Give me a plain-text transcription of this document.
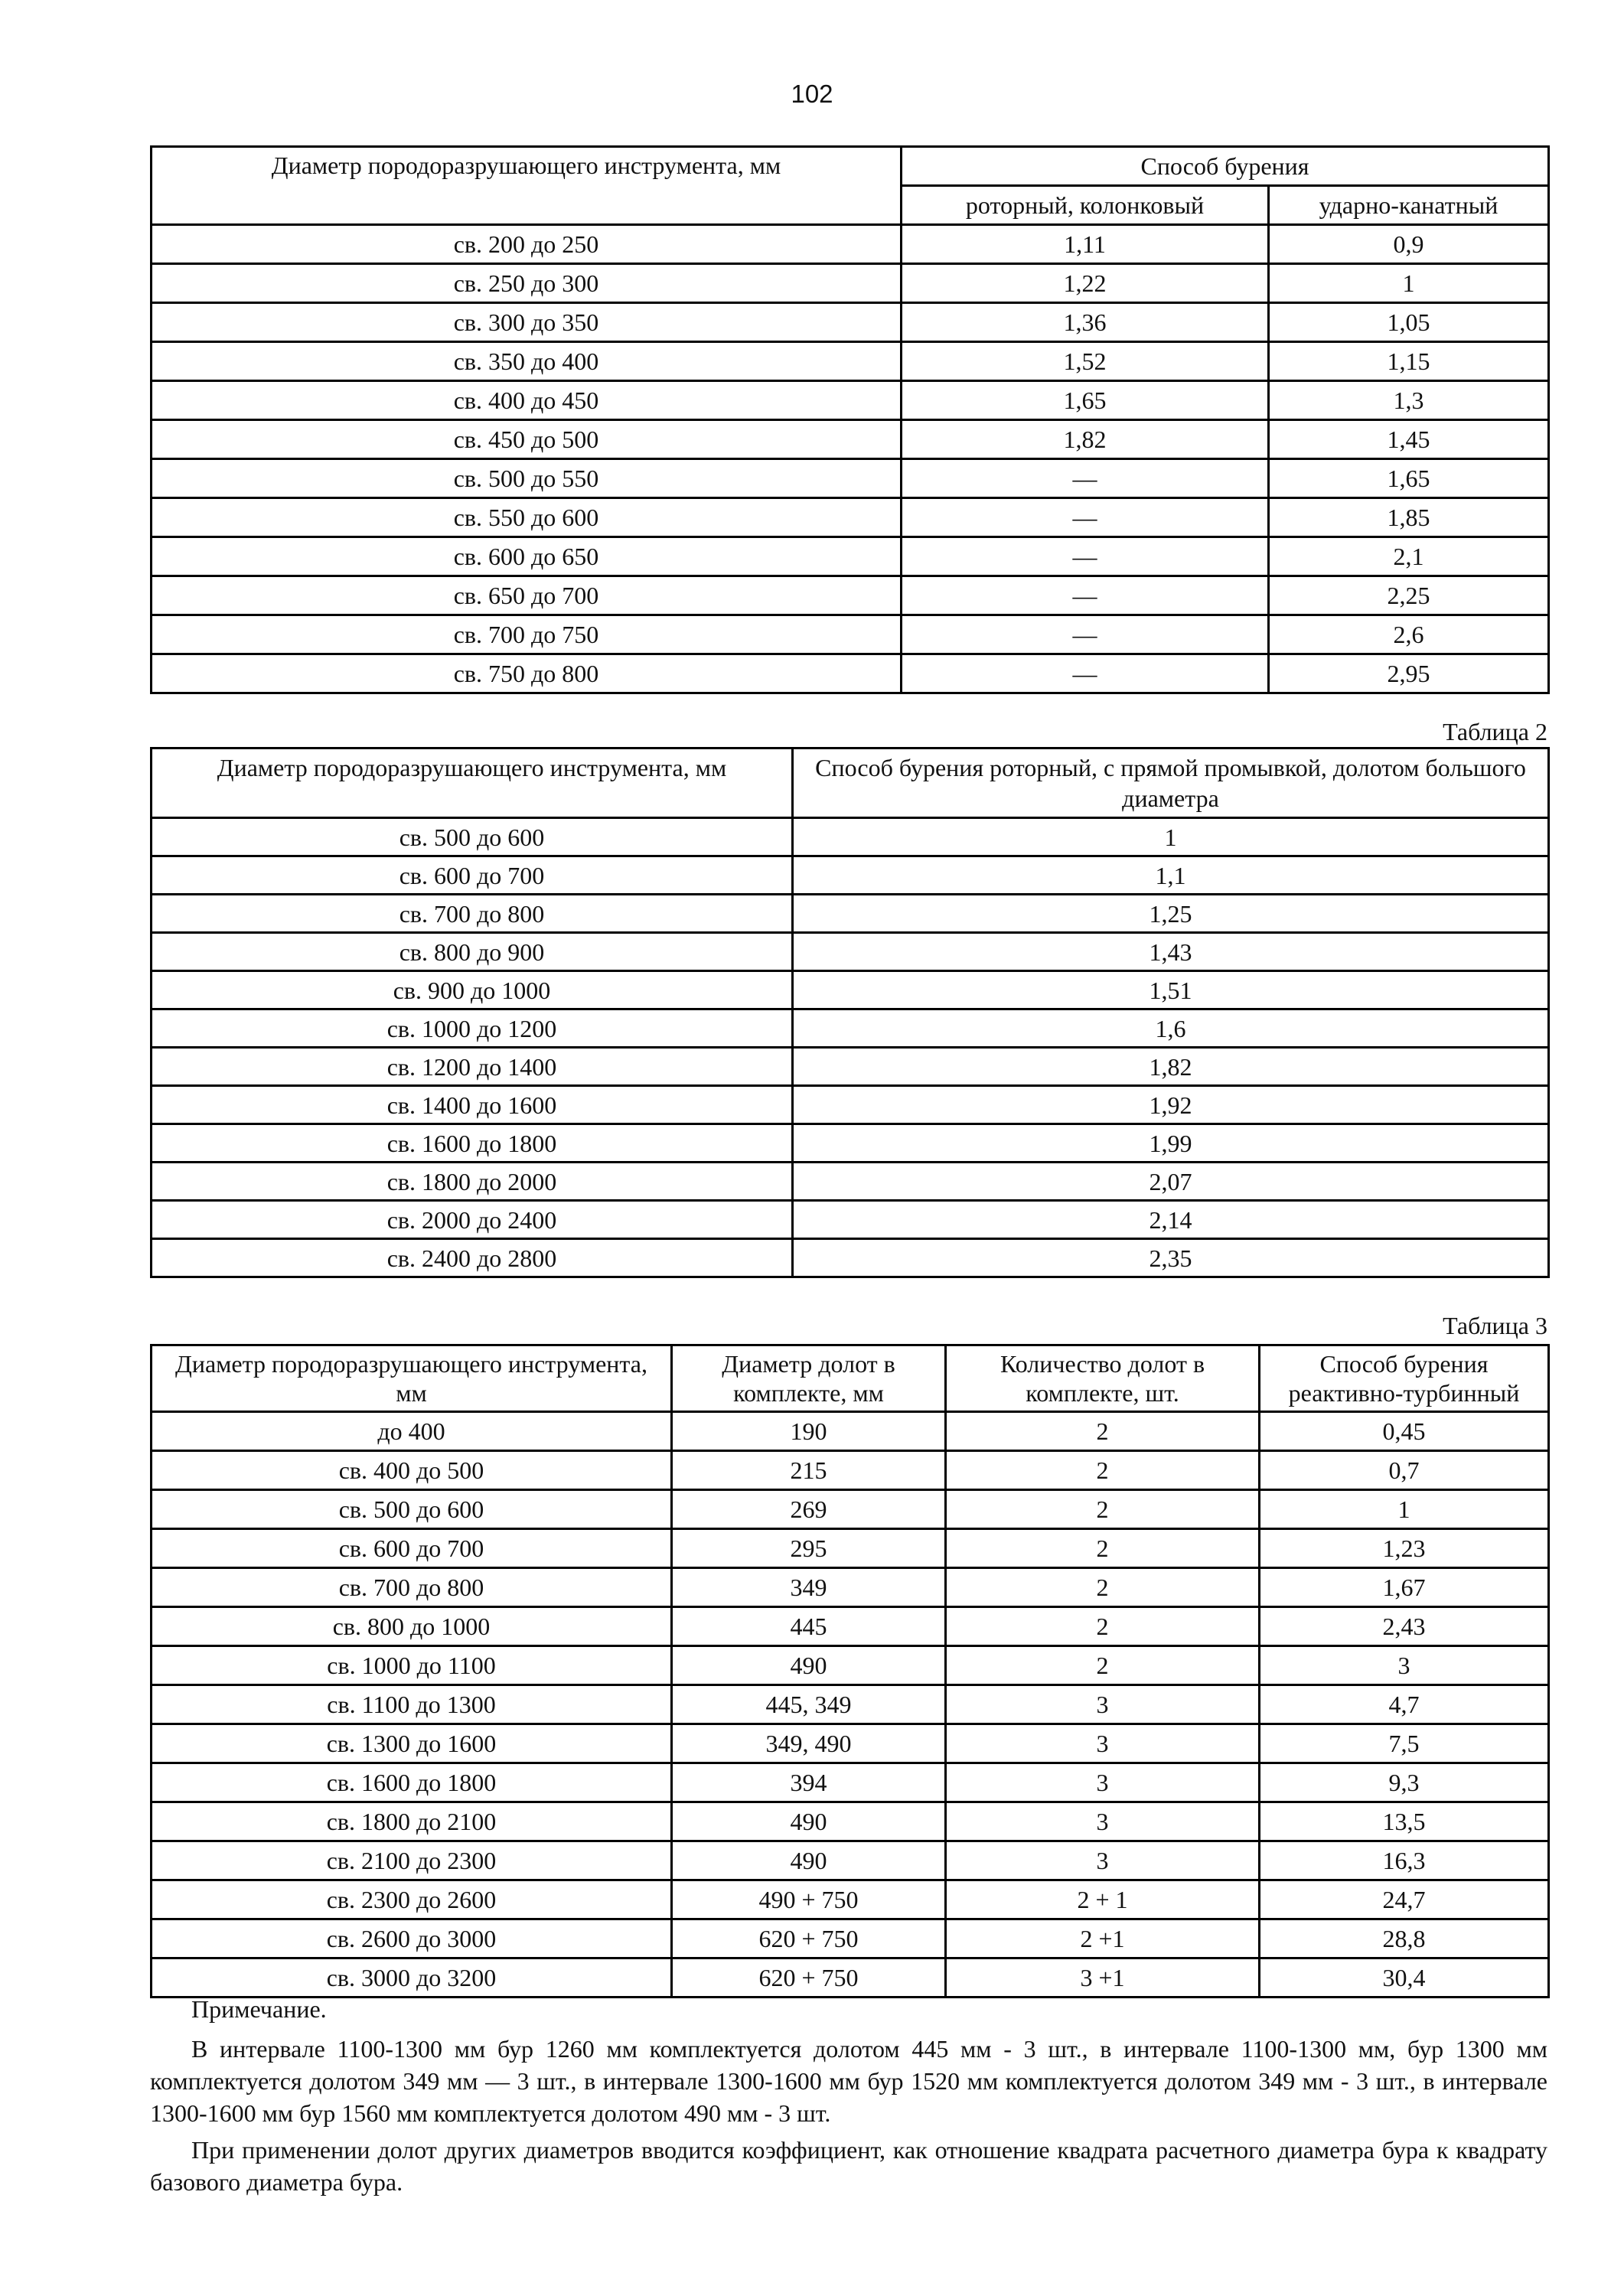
102
Диаметр породоразрушающего инструмента, мм	Способ бурения	
	роторный, колонковый	ударно-канатный
св. 200 до 250	1,11	0,9
св. 250 до 300	1,22	1
св. 300 до 350	1,36	1,05
св. 350 до 400	1,52	1,15
св. 400 до 450	1,65	1,3
св. 450 до 500	1,82	1,45
св. 500 до 550	—	1,65
св. 550 до 600	—	1,85
св. 600 до 650	—	2,1
св. 650 до 700	—	2,25
св. 700 до 750	—	2,6
св. 750 до 800	—	2,95
Таблица 2
Диаметр породоразрушающего инструмента, мм	Способ бурения роторный, с прямой промывкой, долотом большого диаметра
св. 500 до 600	1
св. 600 до 700	1,1
св. 700 до 800	1,25
св. 800 до 900	1,43
св. 900 до 1000	1,51
св. 1000 до 1200	1,6
св. 1200 до 1400	1,82
св. 1400 до 1600	1,92
св. 1600 до 1800	1,99
св. 1800 до 2000	2,07
св. 2000 до 2400	2,14
св. 2400 до 2800	2,35
Таблица 3
Диаметр породоразрушающего инструмента, мм	Диаметр долот в комплекте, мм	Количество долот в комплекте, шт.	Способ бурения реактивно-турбинный
до 400	190	2	0,45
св. 400 до 500	215	2	0,7
св. 500 до 600	269	2	1
св. 600 до 700	295	2	1,23
св. 700 до 800	349	2	1,67
св. 800 до 1000	445	2	2,43
св. 1000 до 1100	490	2	3
св. 1100 до 1300	445, 349	3	4,7
св. 1300 до 1600	349, 490	3	7,5
св. 1600 до 1800	394	3	9,3
св. 1800 до 2100	490	3	13,5
св. 2100 до 2300	490	3	16,3
св. 2300 до 2600	490 + 750	2 + 1	24,7
св. 2600 до 3000	620 + 750	2 +1	28,8
св. 3000 до 3200	620 + 750	3 +1	30,4

Примечание.

В интервале 1100-1300 мм бур 1260 мм комплектуется долотом 445 мм - 3 шт., в интервале 1100-1300 мм, бур 1300 мм комплектуется долотом 349 мм — 3 шт., в интервале 1300-1600 мм бур 1520 мм комплектуется долотом 349 мм - 3 шт., в интервале 1300-1600 мм бур 1560 мм комплектуется долотом 490 мм - 3 шт.

При применении долот других диаметров вводится коэффициент, как отношение квадрата расчетного диаметра бура к квадрату базового диаметра бура.
